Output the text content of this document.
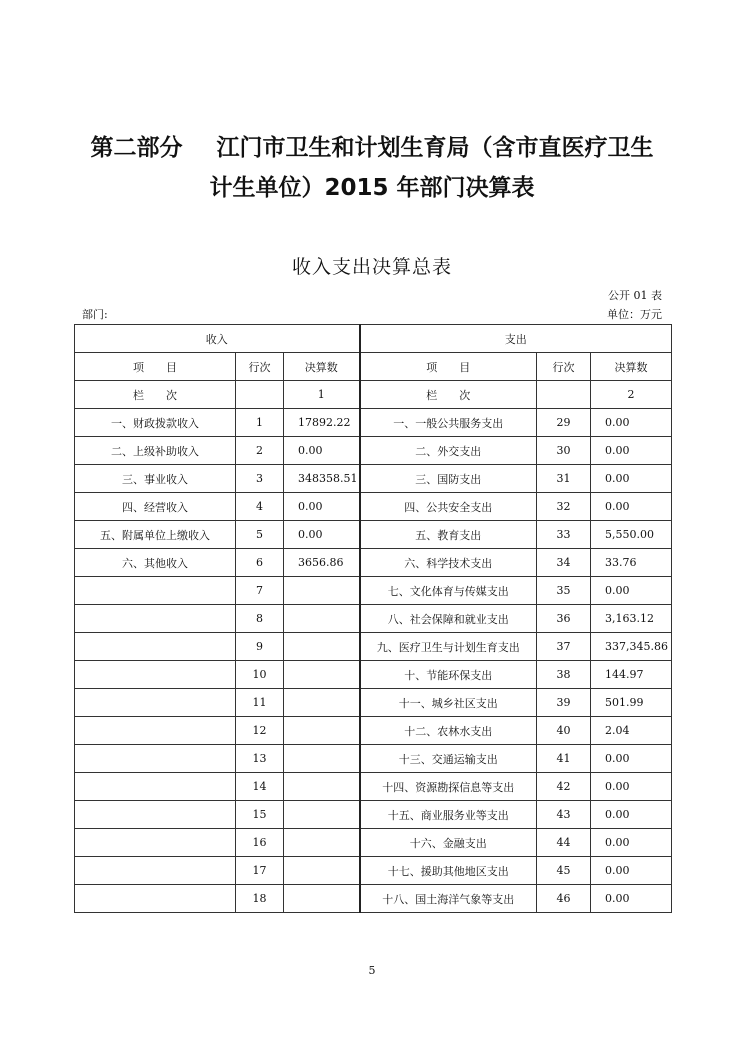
第二部分 江门市卫生和计划生育局（含市直医疗卫生
计生单位）2015 年部门决算表
收入支出决算总表
公开 01 表
部门:	单位：万元
收入			支出		
项　　目	行次	决算数	项　　目	行次	决算数
栏　　次		1	栏　　次		2
一、财政拨款收入	1	17892.22	一、一般公共服务支出	29	0.00
二、上级补助收入	2	0.00	二、外交支出	30	0.00
三、事业收入	3	348358.51	三、国防支出	31	0.00
四、经营收入	4	0.00	四、公共安全支出	32	0.00
五、附属单位上缴收入	5	0.00	五、教育支出	33	5,550.00
六、其他收入	6	3656.86	六、科学技术支出	34	33.76
	7		七、文化体育与传媒支出	35	0.00
	8		八、社会保障和就业支出	36	3,163.12
	9		九、医疗卫生与计划生育支出	37	337,345.86
	10		十、节能环保支出	38	144.97
	11		十一、城乡社区支出	39	501.99
	12		十二、农林水支出	40	2.04
	13		十三、交通运输支出	41	0.00
	14		十四、资源勘探信息等支出	42	0.00
	15		十五、商业服务业等支出	43	0.00
	16		十六、金融支出	44	0.00
	17		十七、援助其他地区支出	45	0.00
	18		十八、国土海洋气象等支出	46	0.00
5
